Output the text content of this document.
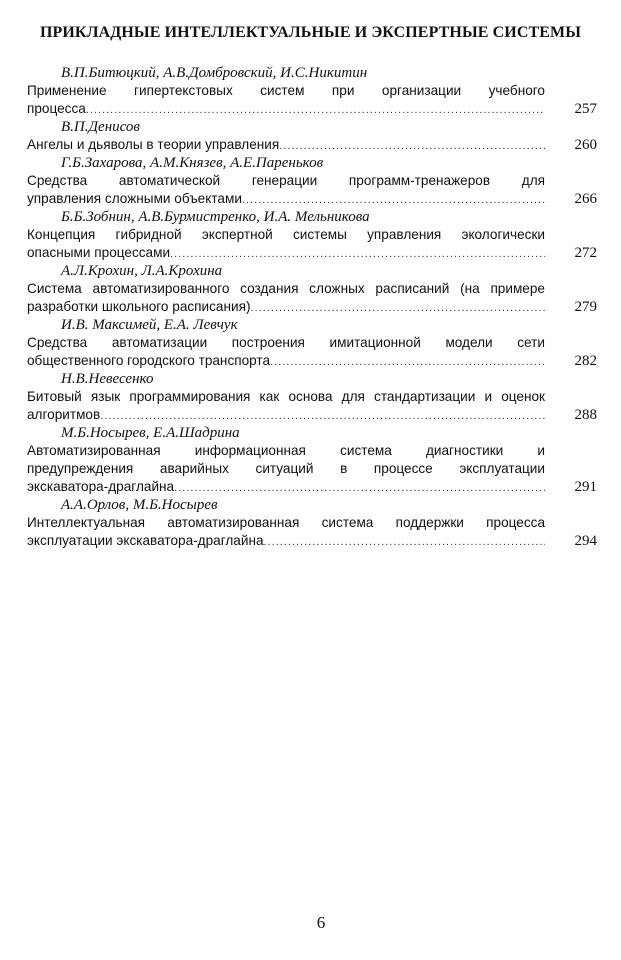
ПРИКЛАДНЫЕ ИНТЕЛЛЕКТУАЛЬНЫЕ И ЭКСПЕРТНЫЕ СИСТЕМЫ
В.П.Битюцкий, А.В.Домбровский, И.С.Никитин
Применение гипертекстовых систем при организации учебного
процесса .....	257
В.П.Денисов
Ангелы и дьяволы в теории управления .....	260
Г.Б.Захарова, А.М.Князев, А.Е.Пареньков
Средства автоматической генерации программ-тренажеров для
управления сложными объектами .....	266
Б.Б.Зобнин, А.В.Бурмистренко, И.А. Мельникова
Концепция гибридной экспертной системы управления экологически
опасными процессами .....	272
А.Л.Крохин, Л.А.Крохина
Система автоматизированного создания сложных расписаний (на примере
разработки школьного расписания) .....	279
И.В. Максимей, Е.А. Левчук
Средства автоматизации построения имитационной модели сети
общественного городского транспорта .....	282
Н.В.Невесенко
Битовый язык программирования как основа для стандартизации и оценок
алгоритмов .....	288
М.Б.Носырев, Е.А.Шадрина
Автоматизированная информационная система диагностики и
предупреждения аварийных ситуаций в процессе эксплуатации
экскаватора-драглайна .....	291
А.А.Орлов, М.Б.Носырев
Интеллектуальная автоматизированная система поддержки процесса
эксплуатации экскаватора-драглайна .....	294
6
